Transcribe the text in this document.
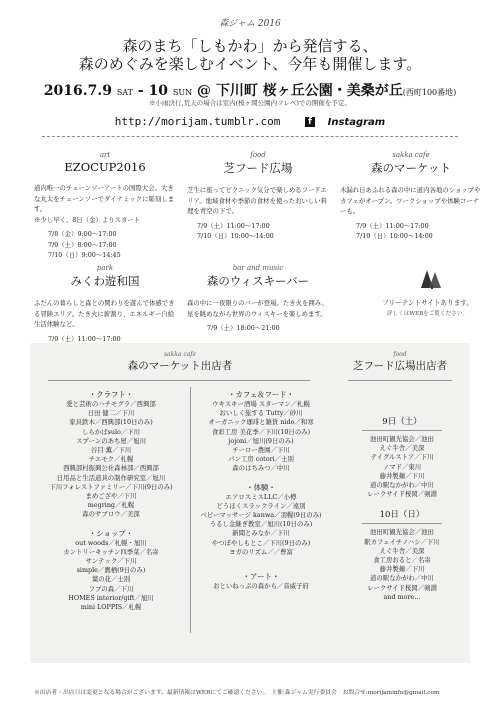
森ジャム 2016
森のまち「しもかわ」から発信する、
森のめぐみを楽しむイベント、今年も開催します。
2016.7.9 SAT - 10 SUN @ 下川町 桜ヶ丘公園・美桑が丘(西町100番地)
※小雨決行,荒天の場合は室内(桜ヶ岡公園内フレペ)での開催を予定。
http://morijam.tumblr.com	f Instagram
art
EZOCUP2016
道内唯一のチェーンソーアートの国際大会。大きな丸太をチェーンソーでダイナミックに彫刻します。
※少し早く、8日（金）よりスタート
7/8（金）9:00～17:00
7/9（土）8:00～17:00
7/10（日）9:00～14:45
food
芝フード広場
芝生に座ってピクニック気分で楽しめるフードエリア。地域食材や季節の食材を使ったおいしい料理を青空の下で。
7/9（土）11:00～17:00
7/10（日）10:00～14:00
sakka cafe
森のマーケット
木漏れ日あふれる森の中に道内各地のショップやカフェがオープン。ワークショップや体験コーナーも。
7/9（土）11:00～17:00
7/10（日）10:00～14:00
park
みくわ遊和国
ふだんの暮らしと森との関わりを遊んで体感できる冒険エリア。たき火に薪割り、エネルギー自給生活体験など。
7/9（土）11:00～17:00
bar and music
森のウィスキーバー
森の中に一夜限りのバーが登場。たき火を囲み、星を眺めながら世界のウィスキーを楽しめます。
7/9（土）18:00～21:00
フリーテントサイトあります。
詳しくはWEBをご覧ください。
sakka cafe
森のマーケット出店者
food
芝フード広場出店者
・クラフト・
愛と芸術のハチモグラ／西興部
日田 健二／下川
家具鉄木／西興部(10日のみ)
しらかばsulo／下川
スプーンのあち屋／旭川
谷目 薫／下川
チエモク／札幌
西興部村振興公社森林部／西興部
日用品と生活道具の制作研究室／旭川
下川フォレストファミリー／下川(9日のみ)
まめござや／下川
megring／札幌
森のサブロウ／美深
・ショップ・
out woods／札幌・旭川
カントリーキッチン四季菜／名寄
サンテック／下川
simple／鷹栖(9日のみ)
葉の花／士別
フブの森／下川
HOMES interior/gift／旭川
mini LOPPIS／札幌
・カフェ＆フード・
ウキスキー酒場 スターマン／札幌
おいしく旅する Tutty／砂川
オーガニック珈琲と雑貨 nido／和寒
食彩工房 美花季／下川(10日のみ)
jojoni／旭川(9日のみ)
チーロー農園／下川
パン工房 cotori／士別
森のはちみつ／中川
・体験・
エアロスミスLLC／小樽
どうほくスラックライン／遠別
ベビーマッサージ kanwa／羽幌(9日のみ)
うるし金継ぎ教室／旭川(10日のみ)
新聞とみなか／下川
やつぼやしもとこ／下川(9日のみ)
ヨガのリズム／／豊富
・アート・
おといねっぷの森から／音威子府
9日（土）
池田町観光協会／池田
えぐ牛舎／美深
テイグルストア／下川
ノマド／東川
藤井製麺／下川
道の駅なかがわ／中川
レークサイド桜岡／剣淵
10日（日）
池田町観光協会／池田
駅カフェイチノハシ／下川
えぐ牛舎／美深
食工房おると／名寄
藤井製麺／下川
道の駅なかがわ／中川
レークサイド桜岡／剣淵
and more...
※出店者・出店日は変更となる場合がございます。最新情報はWEBにてご確認ください。　主催:森ジャム実行委員会　お問合せ:morijaminfo@gmail.com
